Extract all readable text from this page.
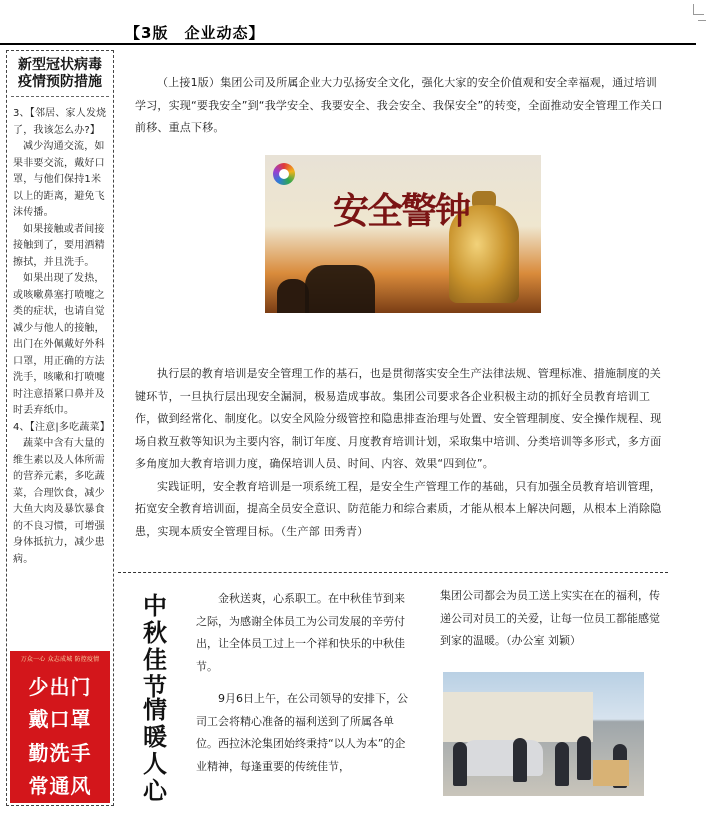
【3版　企业动态】
新型冠状病毒
疫情预防措施

3、【邻居、家人发烧了，我该怎么办?】

减少沟通交流，如果非要交流，戴好口罩，与他们保持1米以上的距离，避免飞沫传播。

如果接触或者间接接触到了，要用酒精擦拭，并且洗手。

如果出现了发热，或咳嗽鼻塞打喷嚏之类的症状，也请自觉减少与他人的接触，出门在外佩戴好外科口罩，用正确的方法洗手，咳嗽和打喷嚏时注意捂紧口鼻并及时丢弃纸巾。

4、【注意|多吃蔬菜】

蔬菜中含有大量的维生素以及人体所需的营养元素，多吃蔬菜，合理饮食，减少大鱼大肉及暴饮暴食的不良习惯，可增强身体抵抗力，减少患病。

万众一心 众志成城 防控疫情
少出门
戴口罩
勤洗手
常通风

（上接1版）集团公司及所属企业大力弘扬安全文化，强化大家的安全价值观和安全幸福观，通过培训学习，实现“要我安全”到“我学安全、我要安全、我会安全、我保安全”的转变，全面推动安全管理工作关口前移、重点下移。

安全警钟

执行层的教育培训是安全管理工作的基石，也是贯彻落实安全生产法律法规、管理标准、措施制度的关键环节，一旦执行层出现安全漏洞，极易造成事故。集团公司要求各企业积极主动的抓好全员教育培训工作，做到经常化、制度化。以安全风险分级管控和隐患排查治理与处置、安全管理制度、安全操作规程、现场自救互救等知识为主要内容，制订年度、月度教育培训计划，采取集中培训、分类培训等多形式，多方面多角度加大教育培训力度，确保培训人员、时间、内容、效果“四到位”。

实践证明，安全教育培训是一项系统工程，是安全生产管理工作的基础，只有加强全员教育培训管理，拓宽安全教育培训面，提高全员安全意识、防范能力和综合素质，才能从根本上解决问题，从根本上消除隐患，实现本质安全管理目标。（生产部 田秀青）

中
秋
佳
节
情
暖
人
心

金秋送爽，心系职工。在中秋佳节到来之际，为感谢全体员工为公司发展的辛劳付出，让全体员工过上一个祥和快乐的中秋佳节。

9月6日上午，在公司领导的安排下，公司工会将精心准备的福利送到了所属各单位。西拉沐沦集团始终秉持“以人为本”的企业精神，每逢重要的传统佳节，

集团公司都会为员工送上实实在在的福利，传递公司对员工的关爱，让每一位员工都能感觉到家的温暖。（办公室 刘颖）
